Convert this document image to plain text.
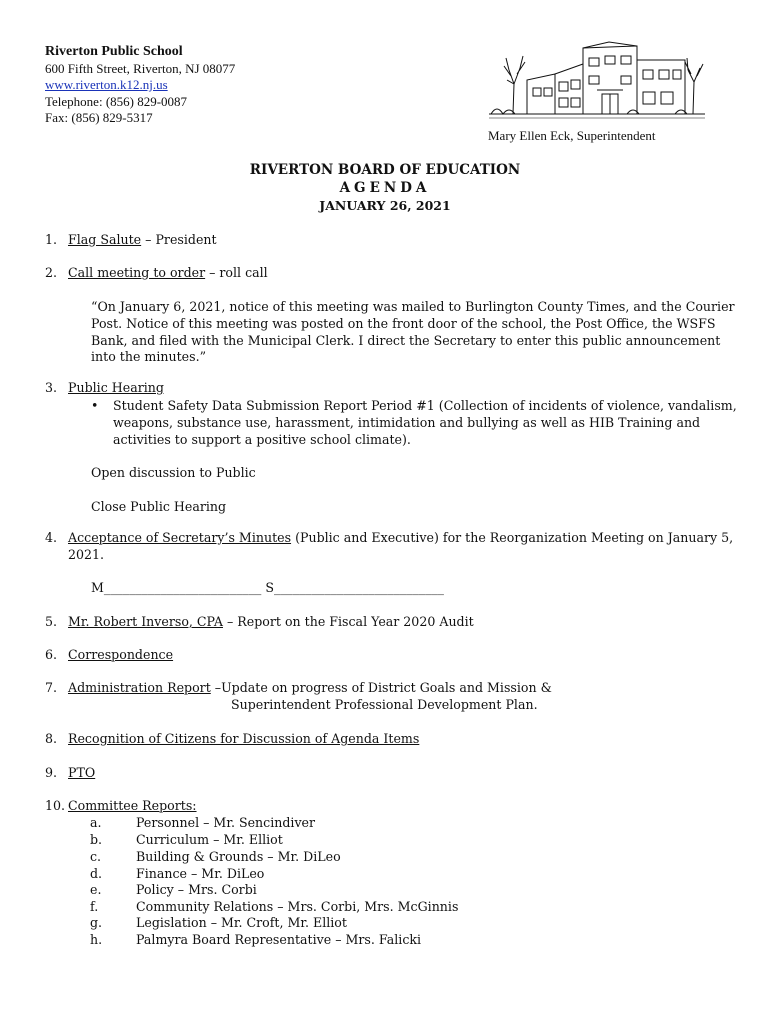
Riverton Public School
600 Fifth Street, Riverton, NJ 08077
www.riverton.k12.nj.us
Telephone: (856) 829-0087
Fax: (856) 829-5317
Mary Ellen Eck, Superintendent
RIVERTON BOARD OF EDUCATION
AGENDA
JANUARY 26, 2021
1. Flag Salute – President
2. Call meeting to order – roll call
“On January 6, 2021, notice of this meeting was mailed to Burlington County Times, and the Courier Post. Notice of this meeting was posted on the front door of the school, the Post Office, the WSFS Bank, and filed with the Municipal Clerk. I direct the Secretary to enter this public announcement into the minutes.”
3. Public Hearing
• Student Safety Data Submission Report Period #1 (Collection of incidents of violence, vandalism, weapons, substance use, harassment, intimidation and bullying as well as HIB Training and activities to support a positive school climate).
Open discussion to Public
Close Public Hearing
4. Acceptance of Secretary’s Minutes (Public and Executive) for the Reorganization Meeting on January 5, 2021.
M_________________________ S___________________________
5. Mr. Robert Inverso, CPA – Report on the Fiscal Year 2020 Audit
6. Correspondence
7. Administration Report –Update on progress of District Goals and Mission &
Superintendent Professional Development Plan.
8. Recognition of Citizens for Discussion of Agenda Items
9. PTO
10. Committee Reports:
a.	Personnel – Mr. Sencindiver
b.	Curriculum – Mr. Elliot
c.	Building & Grounds – Mr. DiLeo
d.	Finance – Mr. DiLeo
e.	Policy – Mrs. Corbi
f.	Community Relations – Mrs. Corbi, Mrs. McGinnis
g.	Legislation – Mr. Croft, Mr. Elliot
h.	Palmyra Board Representative – Mrs. Falicki
